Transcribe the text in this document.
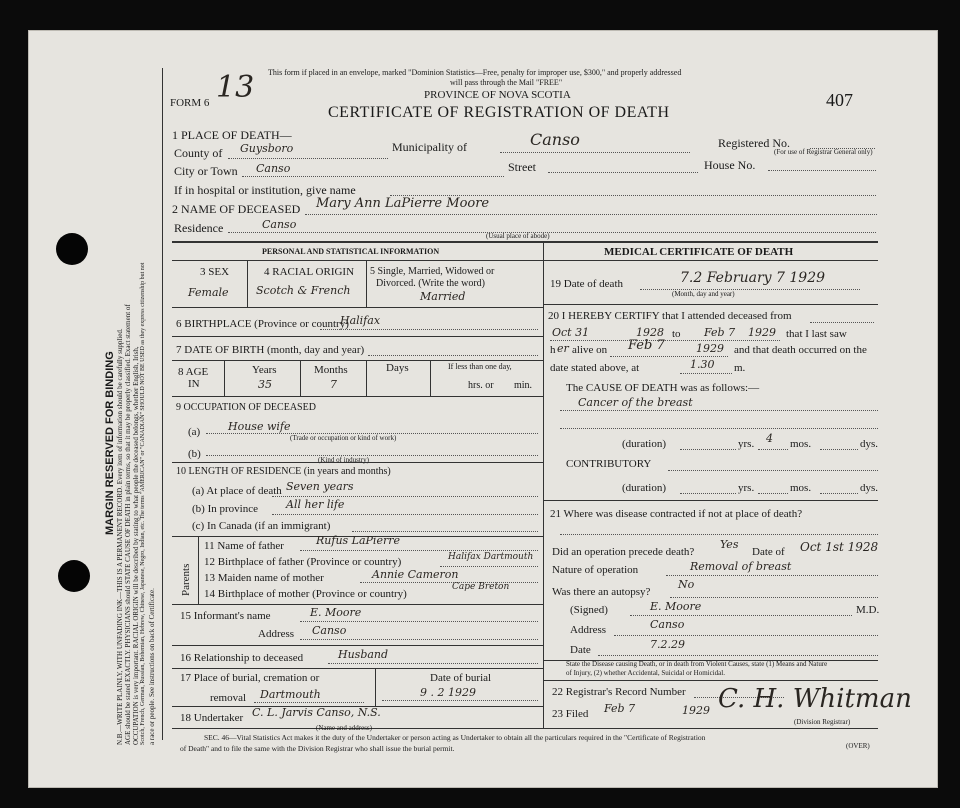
MARGIN RESERVED FOR BINDING N.B.—WRITE PLAINLY, WITH UNFADING INK—THIS IS A PERMANENT RECORD. Every item of information should be carefully supplied. AGE should be stated EXACTLY. PHYSICIANS should STATE CAUSE OF DEATH in plain terms, so that it may be properly classified. Exact statement of OCCUPATION is very important. RACIAL ORIGIN will be described by stating to what people the deceased belongs, whether English, Irish, Scotch, French, German, Russian, Bohemian, Hebrew, Chinese, Japanese, Negro, Indian, etc. The terms "AMERICAN" or "CANADIAN" SHOULD NOT BE USED as they express citizenship but not a race or people. See instructions on back of Certificate.
This form if placed in an envelope, marked "Dominion Statistics—Free, penalty for improper use, $300," and properly addressed
will pass through the Mail "FREE"
PROVINCE OF NOVA SCOTIA
FORM 6 13
CERTIFICATE OF REGISTRATION OF DEATH
407
1 PLACE OF DEATH—
County of Guysboro	Municipality of	Canso	Registered No.
(For use of Registrar General only)
City or Town Canso	Street	House No.
If in hospital or institution, give name
2 NAME OF DECEASED Mary Ann LaPierre Moore
Residence	Canso
(Usual place of abode)
PERSONAL AND STATISTICAL INFORMATION
3 SEX
Female
4 RACIAL ORIGIN
Scotch & French
5 Single, Married, Widowed or
Divorced. (Write the word)
Married
6 BIRTHPLACE (Province or country)
Halifax
7 DATE OF BIRTH (month, day and year)
8 AGE
IN
Years
35
Months
7
Days	If less than one day,
hrs. or min.
9 OCCUPATION OF DECEASED
(a)	House wife
(Trade or occupation or kind of work)
(b)	(Kind of industry)
10 LENGTH OF RESIDENCE (in years and months)
(a) At place of death Seven years
(b) In province	All her life
(c) In Canada (if an immigrant)
Parents
11 Name of father	Rufus LaPierre
12 Birthplace of father (Province or country)	Halifax Dartmouth
13 Maiden name of mother	Annie Cameron
14 Birthplace of mother (Province or country)
Cape Breton
15 Informant's name	E. Moore
Address Canso
16 Relationship to deceased	Husband
17 Place of burial, cremation or
removal Dartmouth
Date of burial
9 . 2 1929
18 Undertaker C. L. Jarvis Canso, N.S.
(Name and address)
MEDICAL CERTIFICATE OF DEATH
19 Date of death	7.2 February 7 1929
(Month, day and year)
20 I HEREBY CERTIFY that I attended deceased from
Oct 31	1928 to Feb 7 1929 that I last saw
h er alive on Feb 7	1929 and that death occurred on the
date stated above, at	1.30 m.
The CAUSE OF DEATH was as follows:—
Cancer of the breast
(duration)	yrs. 4 mos.	dys.
CONTRIBUTORY
(duration)	yrs.	mos.	dys.
21 Where was disease contracted if not at place of death?
Did an operation precede death?
Yes
Date of Oct 1st 1928
Nature of operation	Removal of breast
Was there an autopsy?
No
(Signed)	E. Moore	M.D.
Address	Canso
Date	7.2.29
State the Disease causing Death, or in death from Violent Causes, state (1) Means and Nature
of Injury, (2) whether Accidental, Suicidal or Homicidal.
22 Registrar's Record Number
23 Filed Feb 7	1929 C. H. Whitman
(Division Registrar)
SEC. 46—Vital Statistics Act makes it the duty of the Undertaker or person acting as Undertaker to obtain all the particulars required in the "Certificate of Registration
of Death" and to file the same with the Division Registrar who shall issue the burial permit.	(OVER)
